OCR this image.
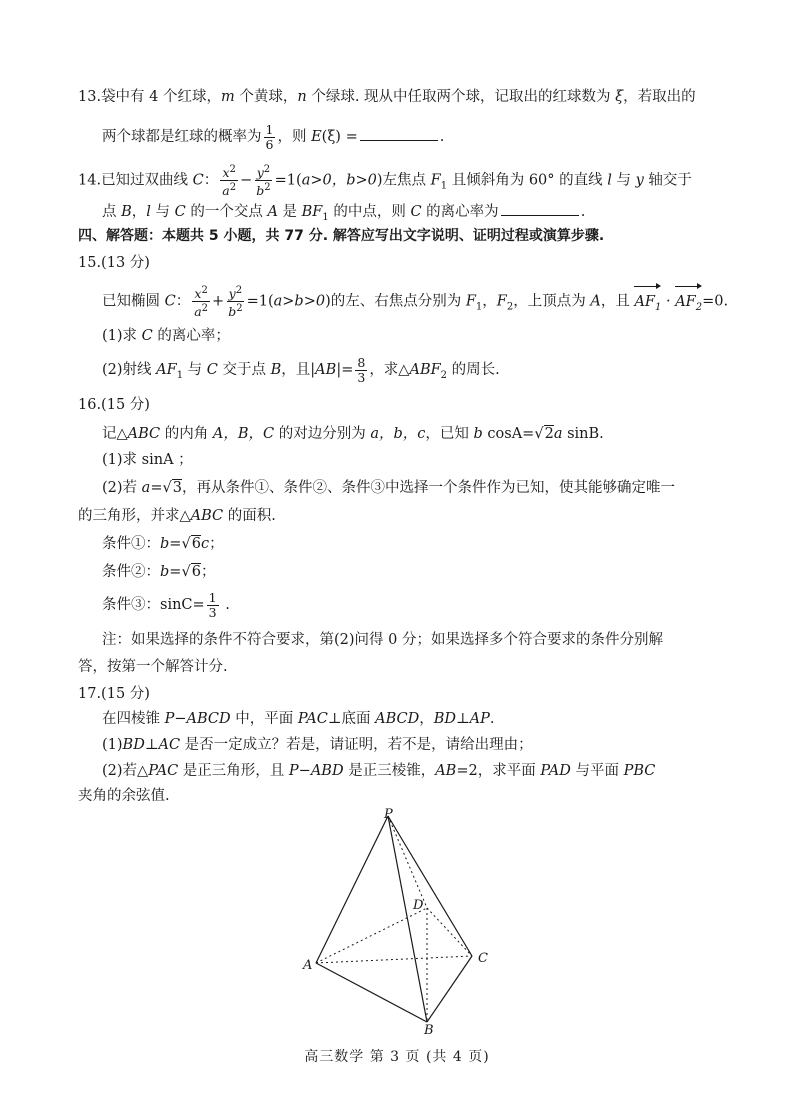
13.袋中有 4 个红球，m 个黄球，n 个绿球. 现从中任取两个球，记取出的红球数为 ξ，若取出的
两个球都是红球的概率为 $\frac{1}{6}$ ，则 E(ξ) =	.
14.已知过双曲线 C： $\frac{x^2}{a^2} - \frac{y^2}{b^2} =1(a>0$，b>0)左焦点 $F_1$ 且倾斜角为 60° 的直线 l 与 y 轴交于
点 B，l 与 C 的一个交点 A 是 $BF_1$ 的中点，则 C 的离心率为	.
四、解答题：本题共 5 小题，共 77 分. 解答应写出文字说明、证明过程或演算步骤.
15.(13 分)
已知椭圆 C： $\frac{x^2}{a^2} + \frac{y^2}{b^2} =1(a>b>0)$的左、右焦点分别为 $F_1$，$F_2$，上顶点为 A，且 $AF_1 \cdot AF_2=0$.
(1)求 C 的离心率；
(2)射线 $AF_1$ 与 C 交于点 B，且$|AB|= \frac{8}{3}$ ，求$\triangle ABF_2$ 的周长.
16.(15 分)
记△ABC 的内角 A，B，C 的对边分别为 a，b，c，已知 b cosA=√2a sinB.
(1)求 sinA ；
(2)若 a=√3，再从条件①、条件②、条件③中选择一个条件作为已知，使其能够确定唯一
的三角形，并求△ABC 的面积.
条件①：b=√6c；
条件②：b=√6；
条件③：$\sin C= \frac{1}{3}$ .
注：如果选择的条件不符合要求，第(2)问得 0 分；如果选择多个符合要求的条件分别解
答，按第一个解答计分.
17.(15 分)
在四棱锥 P−ABCD 中，平面 PAC⊥底面 ABCD，BD⊥AP.
(1)BD⊥AC 是否一定成立？若是，请证明，若不是，请给出理由；
(2)若△PAC 是正三角形，且 P−ABD 是正三棱锥，AB=2，求平面 PAD 与平面 PBC
夹角的余弦值.
P
A
B
C
D
高三数学 第 3 页 (共 4 页)
